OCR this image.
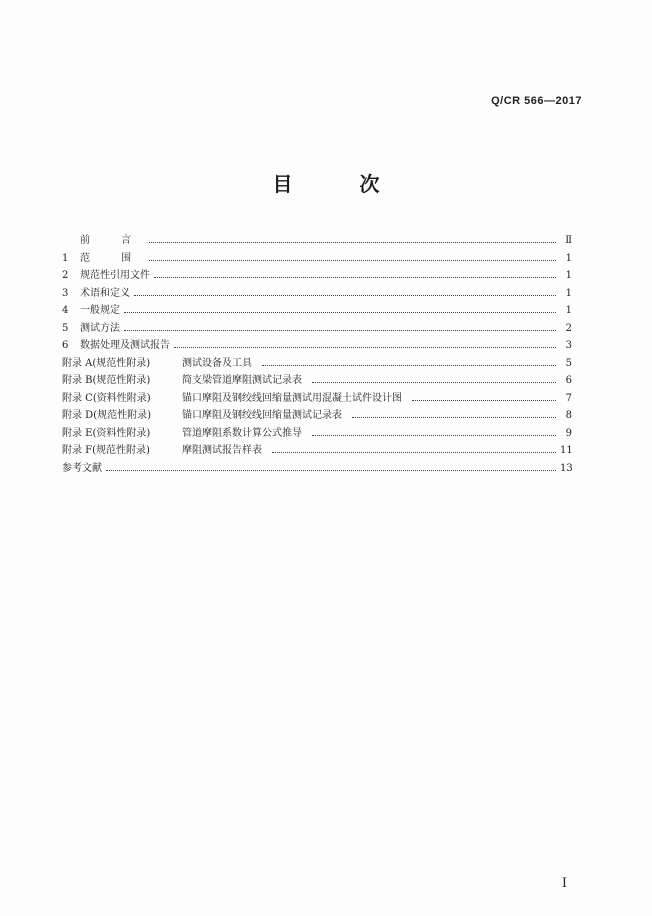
Q/CR 566—2017
目 次
前 言	Ⅱ
1	范 围	1
2	规范性引用文件	1
3	术语和定义	1
4	一般规定	1
5	测试方法	2
6	数据处理及测试报告	3
附录 A(规范性附录)	测试设备及工具	5
附录 B(规范性附录)	简支梁管道摩阻测试记录表	6
附录 C(资料性附录)	锚口摩阻及钢绞线回缩量测试用混凝土试件设计图	7
附录 D(规范性附录)	锚口摩阻及钢绞线回缩量测试记录表	8
附录 E(资料性附录)	管道摩阻系数计算公式推导	9
附录 F(规范性附录)	摩阻测试报告样表	11
参考文献	13
I
